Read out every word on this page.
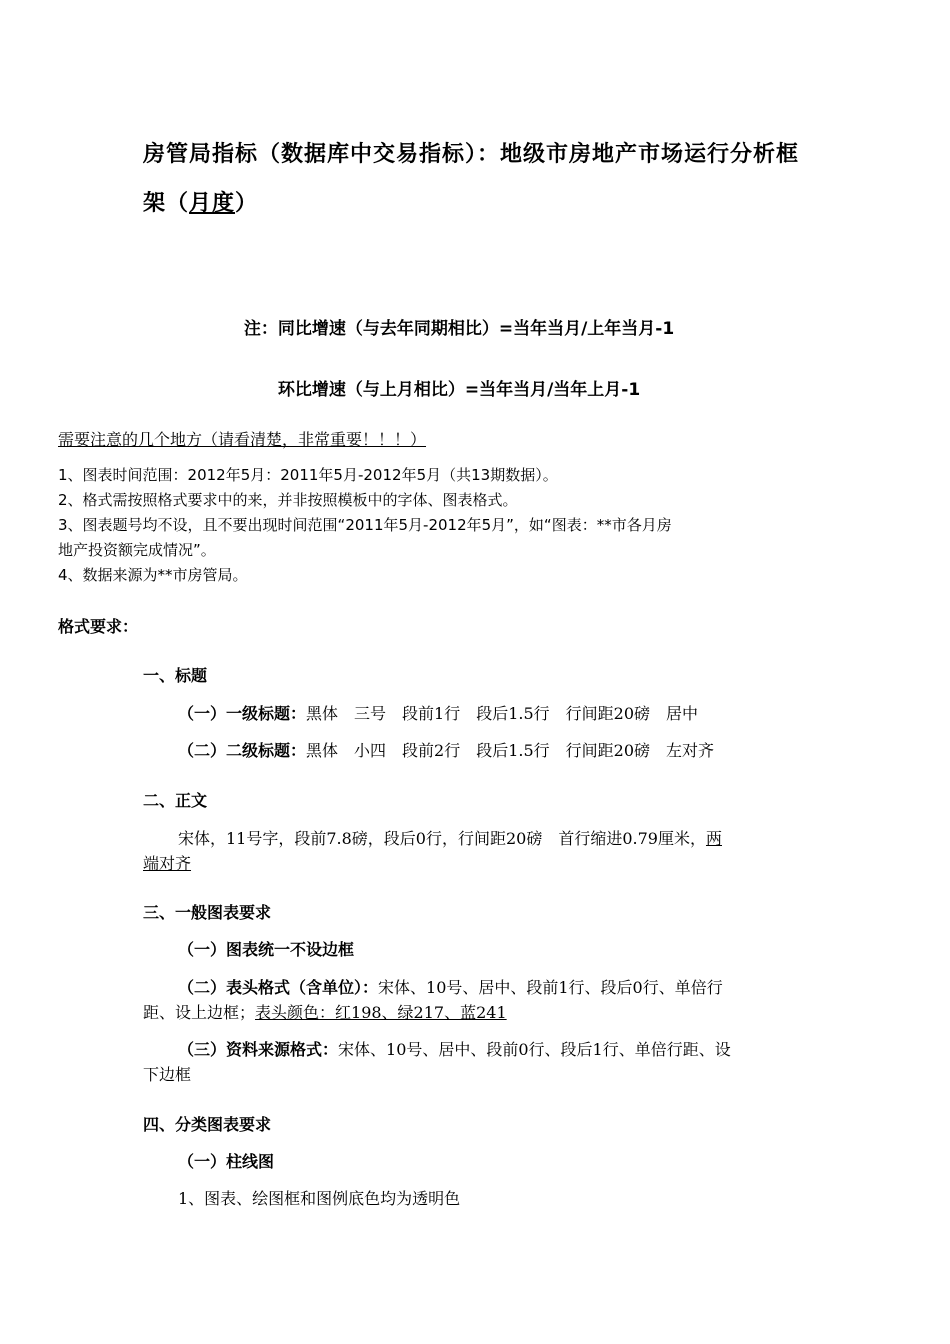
房管局指标（数据库中交易指标）：地级市房地产市场运行分析框
架（月度）
注：同比增速（与去年同期相比）=当年当月/上年当月-1
环比增速（与上月相比）=当年当月/当年上月-1
需要注意的几个地方（请看清楚，非常重要！！！）
1、图表时间范围：2012年5月：2011年5月-2012年5月（共13期数据）。
2、格式需按照格式要求中的来，并非按照模板中的字体、图表格式。
3、图表题号均不设，且不要出现时间范围“2011年5月-2012年5月”，如“图表：**市各月房
地产投资额完成情况”。
4、数据来源为**市房管局。
格式要求：
一、标题
（一）一级标题：黑体　三号　段前1行　段后1.5行　行间距20磅　居中
（二）二级标题：黑体　小四　段前2行　段后1.5行　行间距20磅　左对齐
二、正文
宋体，11号字，段前7.8磅，段后0行，行间距20磅　首行缩进0.79厘米，两
端对齐
三、一般图表要求
（一）图表统一不设边框
（二）表头格式（含单位）：宋体、10号、居中、段前1行、段后0行、单倍行
距、设上边框；表头颜色：红198、绿217、蓝241
（三）资料来源格式：宋体、10号、居中、段前0行、段后1行、单倍行距、设
下边框
四、分类图表要求
（一）柱线图
1、图表、绘图框和图例底色均为透明色
